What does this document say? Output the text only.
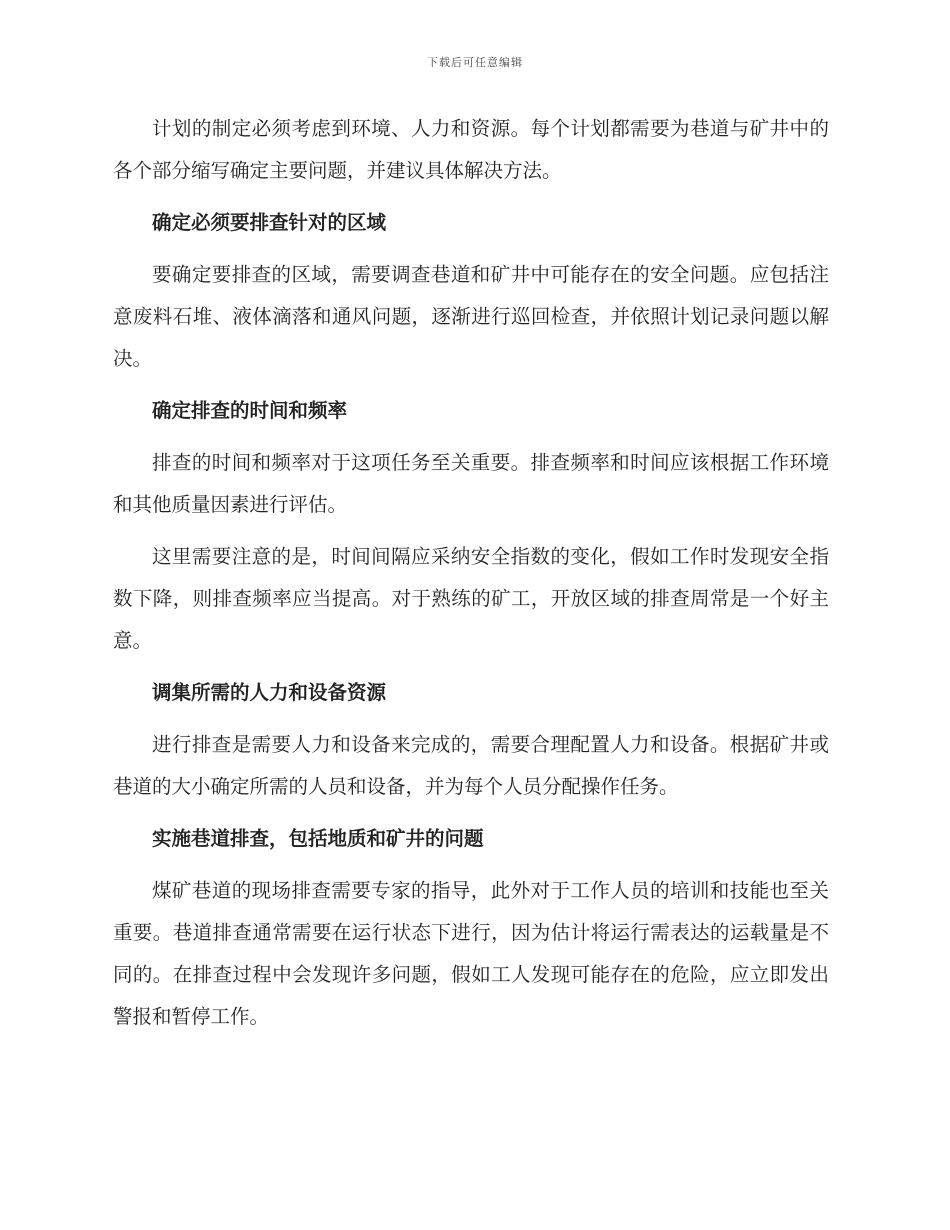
下载后可任意编辑

计划的制定必须考虑到环境、人力和资源。每个计划都需要为巷道与矿井中的各个部分缩写确定主要问题，并建议具体解决方法。

确定必须要排查针对的区域

要确定要排查的区域，需要调查巷道和矿井中可能存在的安全问题。应包括注意废料石堆、液体滴落和通风问题，逐渐进行巡回检查，并依照计划记录问题以解决。

确定排查的时间和频率

排查的时间和频率对于这项任务至关重要。排查频率和时间应该根据工作环境和其他质量因素进行评估。

这里需要注意的是，时间间隔应采纳安全指数的变化，假如工作时发现安全指数下降，则排查频率应当提高。对于熟练的矿工，开放区域的排查周常是一个好主意。

调集所需的人力和设备资源

进行排查是需要人力和设备来完成的，需要合理配置人力和设备。根据矿井或巷道的大小确定所需的人员和设备，并为每个人员分配操作任务。

实施巷道排查，包括地质和矿井的问题

煤矿巷道的现场排查需要专家的指导，此外对于工作人员的培训和技能也至关重要。巷道排查通常需要在运行状态下进行，因为估计将运行需表达的运载量是不同的。在排查过程中会发现许多问题，假如工人发现可能存在的危险，应立即发出警报和暂停工作。
